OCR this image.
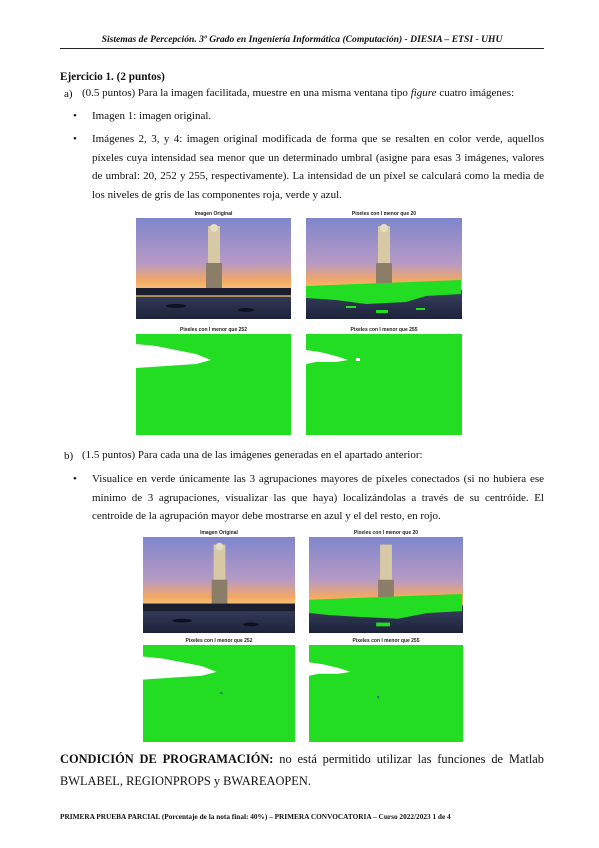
Sistemas de Percepción. 3º Grado en Ingeniería Informática (Computación) - DIESIA – ETSI - UHU
Ejercicio 1. (2 puntos)
a) (0.5 puntos) Para la imagen facilitada, muestre en una misma ventana tipo figure cuatro imágenes:
• Imagen 1: imagen original.
• Imágenes 2, 3, y 4: imagen original modificada de forma que se resalten en color verde, aquellos píxeles cuya intensidad sea menor que un determinado umbral (asigne para esas 3 imágenes, valores de umbral: 20, 252 y 255, respectivamente). La intensidad de un píxel se calculará como la media de los niveles de gris de las componentes roja, verde y azul.
Imagen Original	Pixeles con I menor que 20
Pixeles con I menor que 252	Pixeles con I menor que 255
b) (1.5 puntos) Para cada una de las imágenes generadas en el apartado anterior:
• Visualice en verde únicamente las 3 agrupaciones mayores de píxeles conectados (si no hubiera ese mínimo de 3 agrupaciones, visualizar las que haya) localizándolas a través de su centróide. El centroide de la agrupación mayor debe mostrarse en azul y el del resto, en rojo.
Imagen Original	Pixeles con I menor que 20
Pixeles con I menor que 252	Pixeles con I menor que 255
CONDICIÓN DE PROGRAMACIÓN: no está permitido utilizar las funciones de Matlab BWLABEL, REGIONPROPS y BWAREAOPEN.
PRIMERA PRUEBA PARCIAL (Porcentaje de la nota final: 40%) – PRIMERA CONVOCATORIA – Curso 2022/2023 1 de 4
